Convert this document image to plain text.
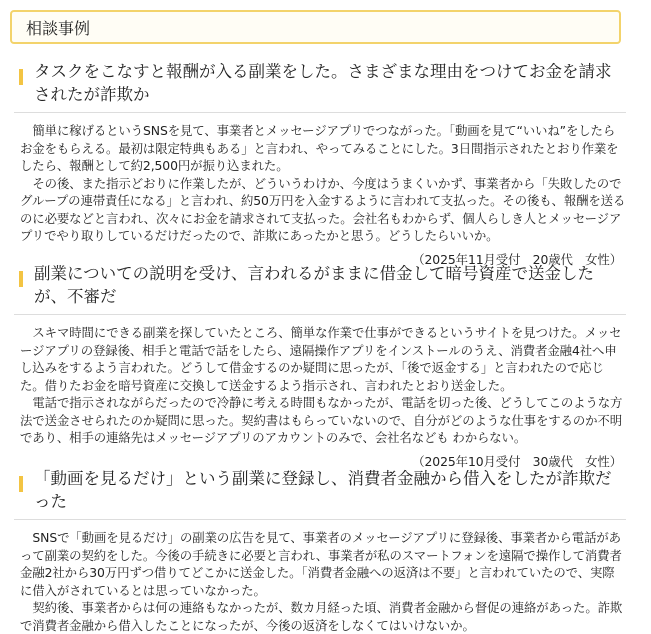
相談事例
タスクをこなすと報酬が入る副業をした。さまざまな理由をつけてお金を請求されたが詐欺か

簡単に稼げるというSNSを見て、事業者とメッセージアプリでつながった。「動画を見て“いいね”をしたらお金をもらえる。最初は限定特典もある」と言われ、やってみることにした。3日間指示されたとおり作業をしたら、報酬として約2,500円が振り込まれた。

その後、また指示どおりに作業したが、どういうわけか、今度はうまくいかず、事業者から「失敗したのでグループの連帯責任になる」と言われ、約50万円を入金するように言われて支払った。その後も、報酬を送るのに必要などと言われ、次々にお金を請求されて支払った。会社名もわからず、個人らしき人とメッセージアプリでやり取りしているだけだったので、詐欺にあったかと思う。どうしたらいいか。

（2025年11月受付　20歳代　女性）
副業についての説明を受け、言われるがままに借金して暗号資産で送金したが、不審だ

スキマ時間にできる副業を探していたところ、簡単な作業で仕事ができるというサイトを見つけた。メッセージアプリの登録後、相手と電話で話をしたら、遠隔操作アプリをインストールのうえ、消費者金融4社へ申し込みをするよう言われた。どうして借金するのか疑問に思ったが、「後で返金する」と言われたので応じた。借りたお金を暗号資産に交換して送金するよう指示され、言われたとおり送金した。

電話で指示されながらだったので冷静に考える時間もなかったが、電話を切った後、どうしてこのような方法で送金させられたのか疑問に思った。契約書はもらっていないので、自分がどのような仕事をするのか不明であり、相手の連絡先はメッセージアプリのアカウントのみで、会社名なども わからない。

（2025年10月受付　30歳代　女性）
「動画を見るだけ」という副業に登録し、消費者金融から借入をしたが詐欺だった

SNSで「動画を見るだけ」の副業の広告を見て、事業者のメッセージアプリに登録後、事業者から電話があって副業の契約をした。今後の手続きに必要と言われ、事業者が私のスマートフォンを遠隔で操作して消費者金融2社から30万円ずつ借りてどこかに送金した。「消費者金融への返済は不要」と言われていたので、実際に借入がされているとは思っていなかった。

契約後、事業者からは何の連絡もなかったが、数カ月経った頃、消費者金融から督促の連絡があった。詐欺で消費者金融から借入したことになったが、今後の返済をしなくてはいけないか。
